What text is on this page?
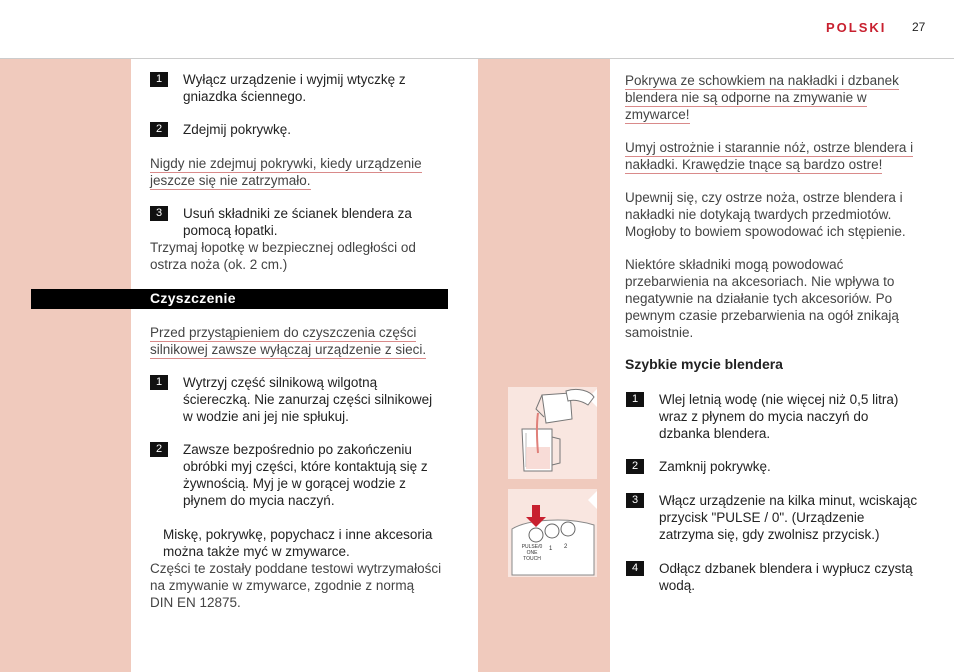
POLSKI 27
1	Wyłącz urządzenie i wyjmij wtyczkę z
gniazdka ściennego.
2	Zdejmij pokrywkę.
Nigdy nie zdejmuj pokrywki, kiedy urządzenie
jeszcze się nie zatrzymało.
3	Usuń składniki ze ścianek blendera za
pomocą łopatki.
Trzymaj łopotkę w bezpiecznej odległości od
ostrza noża (ok. 2 cm.)
Czyszczenie
Przed przystąpieniem do czyszczenia części
silnikowej zawsze wyłączaj urządzenie z sieci.
1	Wytrzyj część silnikową wilgotną
ściereczką. Nie zanurzaj części silnikowej
w wodzie ani jej nie spłukuj.
2	Zawsze bezpośrednio po zakończeniu
obróbki myj części, które kontaktują się z
żywnością. Myj je w gorącej wodzie z
płynem do mycia naczyń.
Miskę, pokrywkę, popychacz i inne akcesoria
można także myć w zmywarce.
Części te zostały poddane testowi wytrzymałości
na zmywanie w zmywarce, zgodnie z normą
DIN EN 12875.
Pokrywa ze schowkiem na nakładki i dzbanek
blendera nie są odporne na zmywanie w
zmywarce!
Umyj ostrożnie i starannie nóż, ostrze blendera i
nakładki. Krawędzie tnące są bardzo ostre!
Upewnij się, czy ostrze noża, ostrze blendera i
nakładki nie dotykają twardych przedmiotów.
Mogłoby to bowiem spowodować ich stępienie.
Niektóre składniki mogą powodować
przebarwienia na akcesoriach. Nie wpływa to
negatywnie na działanie tych akcesoriów. Po
pewnym czasie przebarwienia na ogół znikają
samoistnie.
Szybkie mycie blendera
1	Wlej letnią wodę (nie więcej niż 0,5 litra)
wraz z płynem do mycia naczyń do
dzbanka blendera.
2	Zamknij pokrywkę.
3	Włącz urządzenie na kilka minut, wciskając
przycisk "PULSE / 0". (Urządzenie
zatrzyma się, gdy zwolnisz przycisk.)
4	Odłącz dzbanek blendera i wypłucz czystą
wodą.
PULSE/0 ONE TOUCH
1 2
